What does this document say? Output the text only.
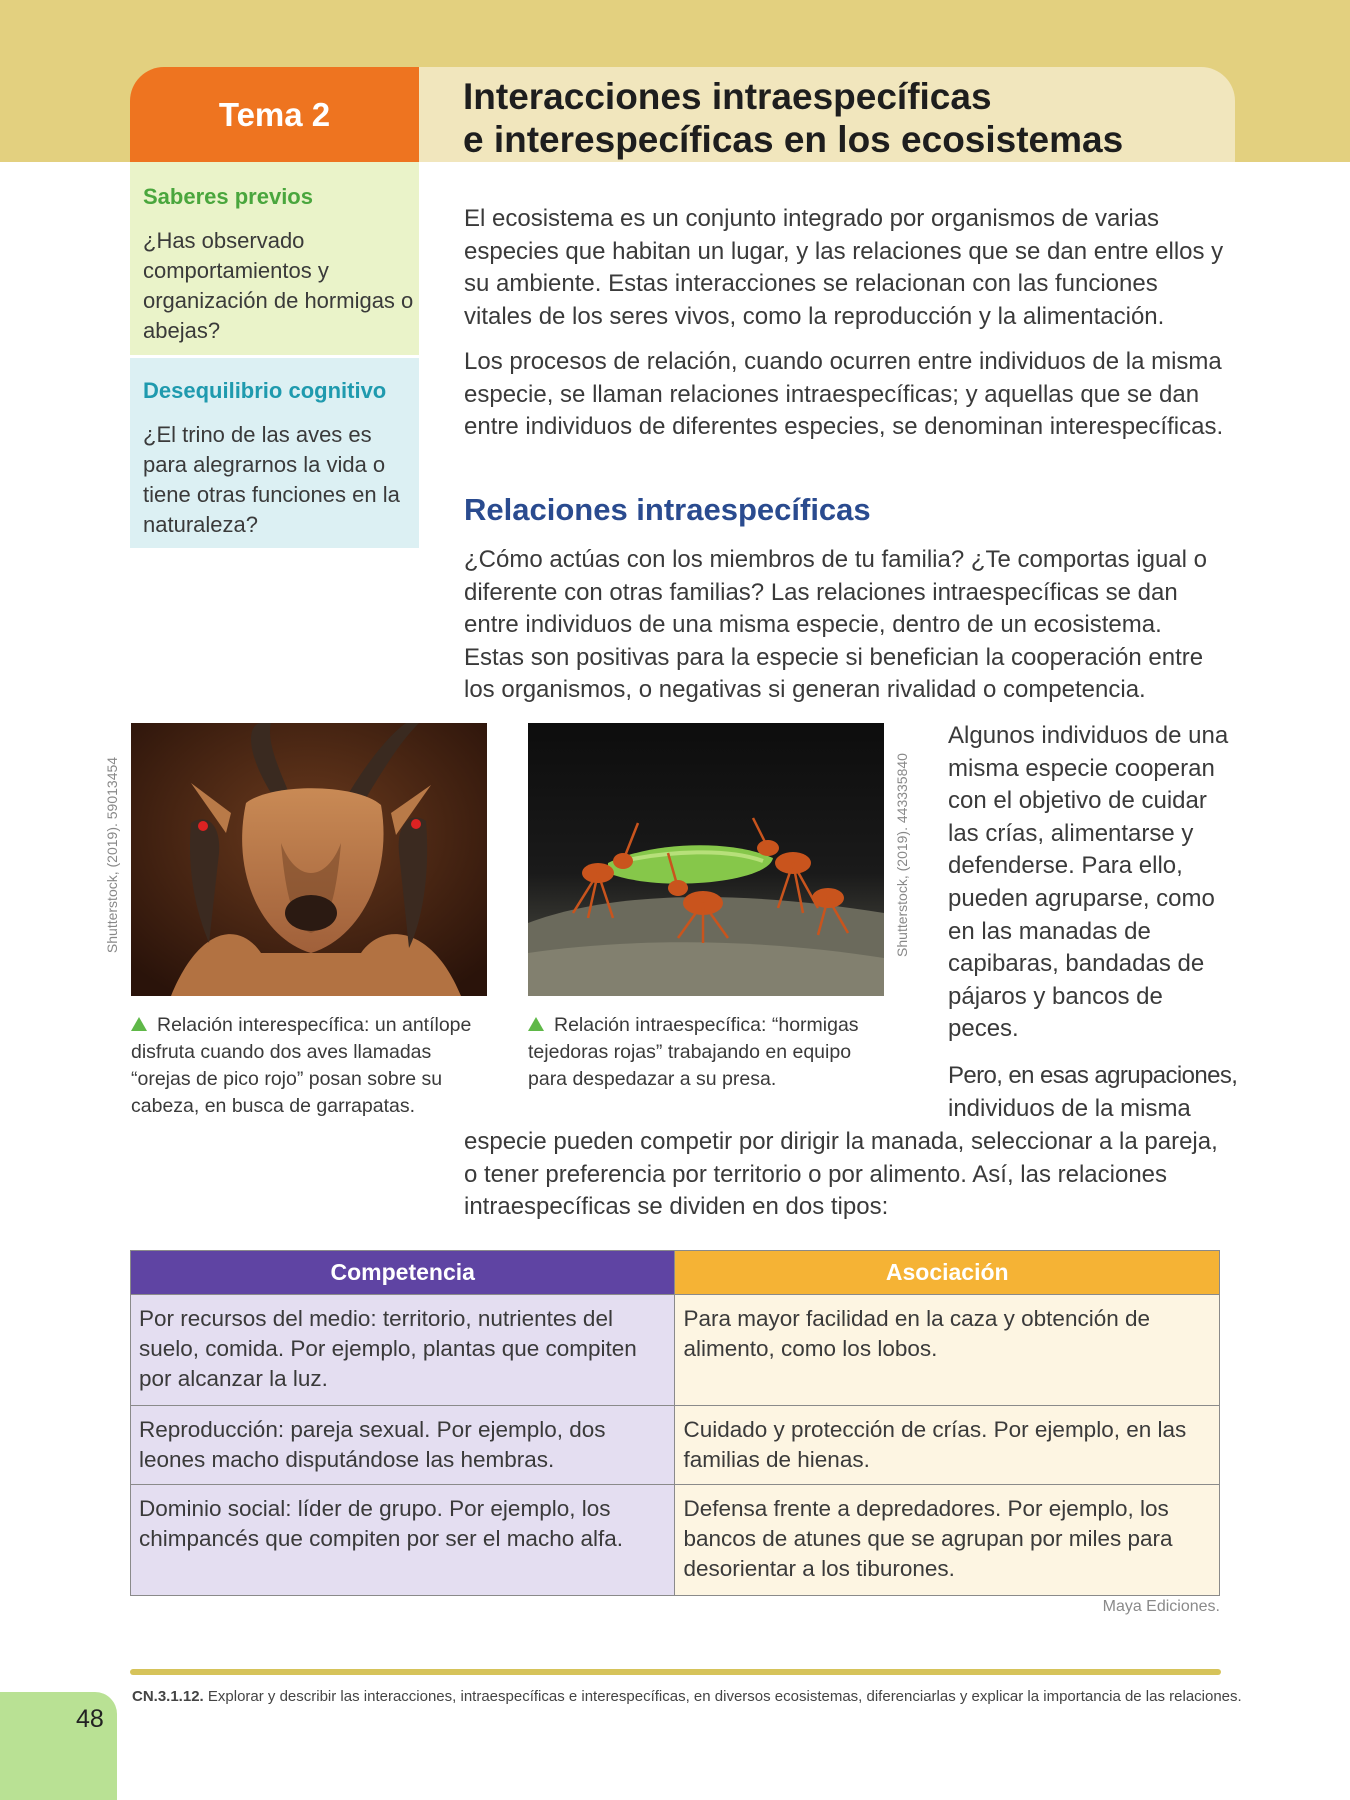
Tema 2	Interacciones intraespecíficas
e interespecíficas en los ecosistemas
Saberes previos

¿Has observado comportamientos y organización de hormigas o abejas?

Desequilibrio cognitivo

¿El trino de las aves es para alegrarnos la vida o tiene otras funciones en la naturaleza?

El ecosistema es un conjunto integrado por organismos de varias especies que habitan un lugar, y las relaciones que se dan entre ellos y su ambiente. Estas interacciones se relacionan con las funciones vitales de los seres vivos, como la reproducción y la alimentación.

Los procesos de relación, cuando ocurren entre individuos de la misma especie, se llaman relaciones intraespecíficas; y aquellas que se dan entre individuos de diferentes especies, se denominan interespecíficas.

Relaciones intraespecíficas

¿Cómo actúas con los miembros de tu familia? ¿Te comportas igual o diferente con otras familias? Las relaciones intraespecíficas se dan entre individuos de una misma especie, dentro de un ecosistema. Estas son positivas para la especie si benefician la cooperación entre los organismos, o negativas si generan rivalidad o competencia.

Shutterstock, (2019). 59013454	Shutterstock, (2019). 443335840

Relación interespecífica: un antílope disfruta cuando dos aves llamadas “orejas de pico rojo” posan sobre su cabeza, en busca de garrapatas.

Relación intraespecífica: “hormigas tejedoras rojas” trabajando en equipo para despedazar a su presa.

Algunos individuos de una misma especie cooperan con el objetivo de cuidar las crías, alimentarse y defenderse. Para ello, pueden agruparse, como en las manadas de capibaras, bandadas de pájaros y bancos de peces.

Pero, en esas agrupaciones,
individuos de la misma

especie pueden competir por dirigir la manada, seleccionar a la pareja, o tener preferencia por territorio o por alimento. Así, las relaciones intraespecíficas se dividen en dos tipos:

Competencia	Asociación
Por recursos del medio: territorio, nutrientes del suelo, comida. Por ejemplo, plantas que compiten por alcanzar la luz.	Para mayor facilidad en la caza y obtención de alimento, como los lobos.
Reproducción: pareja sexual. Por ejemplo, dos leones macho disputándose las hembras.	Cuidado y protección de crías. Por ejemplo, en las familias de hienas.
Dominio social: líder de grupo. Por ejemplo, los chimpancés que compiten por ser el macho alfa.	Defensa frente a depredadores. Por ejemplo, los bancos de atunes que se agrupan por miles para desorientar a los tiburones.
Maya Ediciones.
CN.3.1.12. Explorar y describir las interacciones, intraespecíficas e interespecíficas, en diversos ecosistemas, diferenciarlas y explicar la importancia de las relaciones.
48
